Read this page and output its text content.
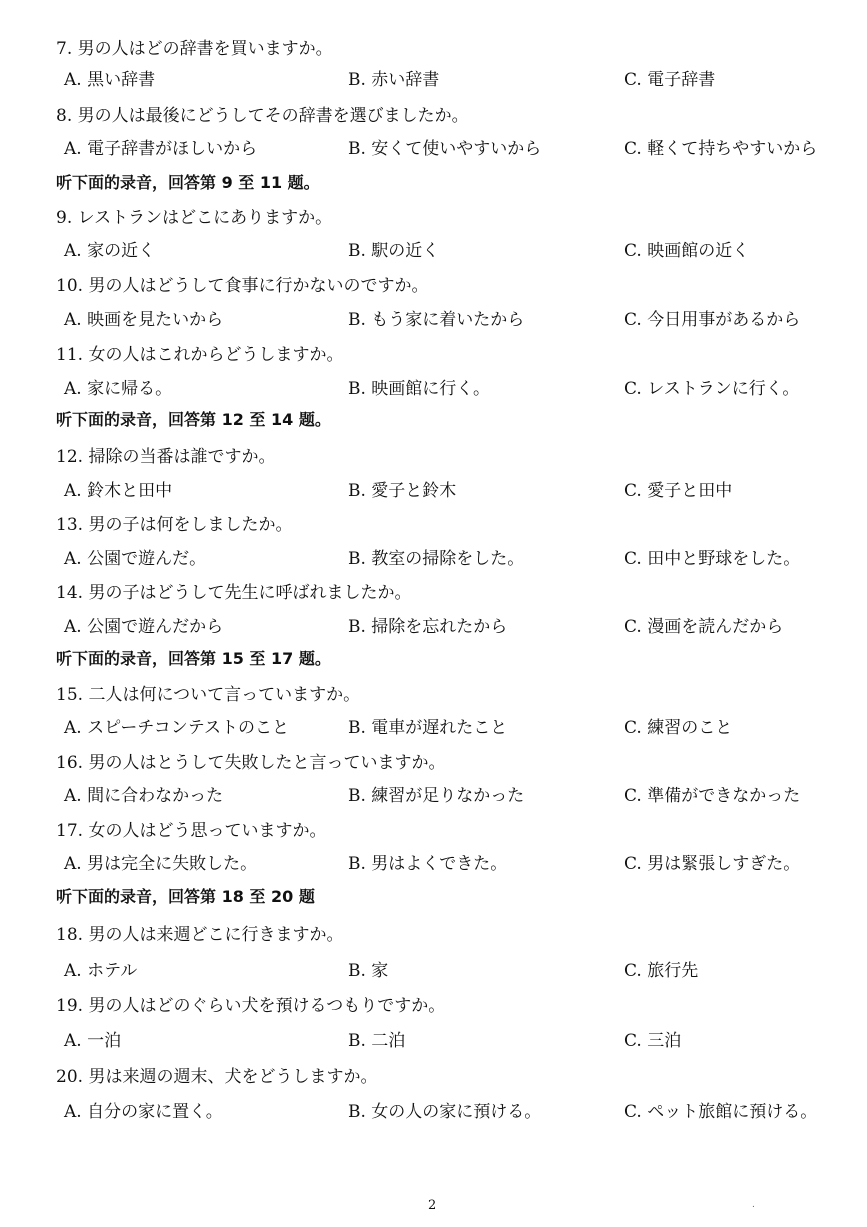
7. 男の人はどの辞書を買いますか。
A. 黒い辞書	B. 赤い辞書	C. 電子辞書
8. 男の人は最後にどうしてその辞書を選びましたか。
A. 電子辞書がほしいから	B. 安くて使いやすいから	C. 軽くて持ちやすいから
听下面的录音，回答第 9 至 11 题。
9. レストランはどこにありますか。
A. 家の近く	B. 駅の近く	C. 映画館の近く
10. 男の人はどうして食事に行かないのですか。
A. 映画を見たいから	B. もう家に着いたから	C. 今日用事があるから
11. 女の人はこれからどうしますか。
A. 家に帰る。	B. 映画館に行く。	C. レストランに行く。
听下面的录音，回答第 12 至 14 题。
12. 掃除の当番は誰ですか。
A. 鈴木と田中	B. 愛子と鈴木	C. 愛子と田中
13. 男の子は何をしましたか。
A. 公園で遊んだ。	B. 教室の掃除をした。	C. 田中と野球をした。
14. 男の子はどうして先生に呼ばれましたか。
A. 公園で遊んだから	B. 掃除を忘れたから	C. 漫画を読んだから
听下面的录音，回答第 15 至 17 题。
15. 二人は何について言っていますか。
A. スピーチコンテストのこと	B. 電車が遅れたこと	C. 練習のこと
16. 男の人はとうして失敗したと言っていますか。
A. 間に合わなかった	B. 練習が足りなかった	C. 準備ができなかった
17. 女の人はどう思っていますか。
A. 男は完全に失敗した。	B. 男はよくできた。	C. 男は緊張しすぎた。
听下面的录音，回答第 18 至 20 题
18. 男の人は来週どこに行きますか。
A. ホテル	B. 家	C. 旅行先
19. 男の人はどのぐらい犬を預けるつもりですか。
A. 一泊	B. 二泊	C. 三泊
20. 男は来週の週末、犬をどうしますか。
A. 自分の家に置く。	B. 女の人の家に預ける。	C. ペット旅館に預ける。
2	.
